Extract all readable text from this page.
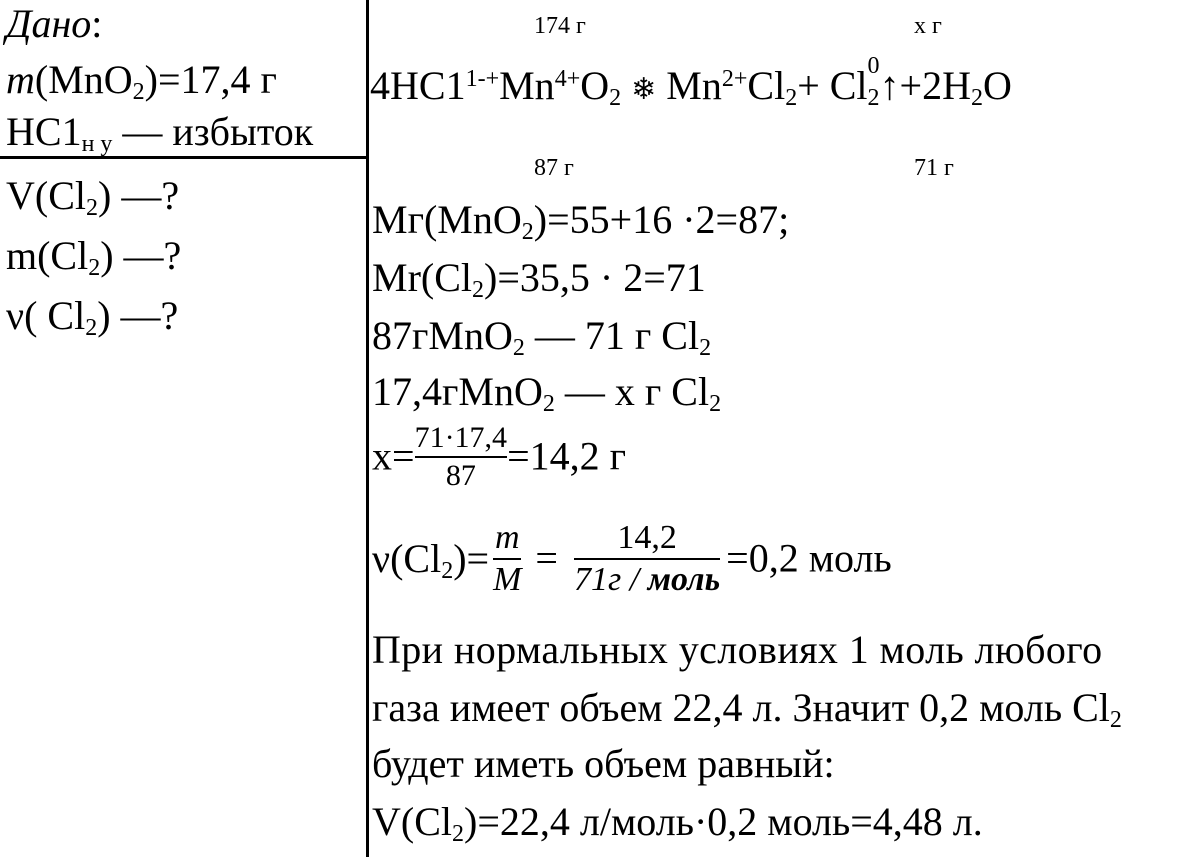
Дано:
m(MnO$_2$)=17,4 г
$HC1_{н у}$ — избыток
$V(Cl_2)$ —?
$m(Cl_2)$ —?
ν( $Cl_2$) —?
174 г	х г
$4HC1^{1-+}Mn^{4+}O_2$ ❄ $Mn^{2+}Cl_2+ Cl$ 0
$_2↑+2H_2O$
87 г	71 г
Мг(MnO$_2$)=55+16 ·2=87;
$Mr(Cl_2)=35,5 \cdot 2=71$
87гMnO$_2$ — 71 г $Cl_2$
17,4гMnO$_2$ — х г $Cl_2$
$x= \frac{71\cdot 17,4}{87} =14,2$ г
$\nu(Cl_2)= \frac{m}{M} = \frac{14,2}{\text{71г / моль}} =0,2$ моль
При нормальных условиях 1 моль любого
газа имеет объем 22,4 л. Значит 0,2 моль $Cl_2$
будет иметь объем равный:
$V(Cl_2)=22,4$ л/моль·0,2 моль=4,48 л.
